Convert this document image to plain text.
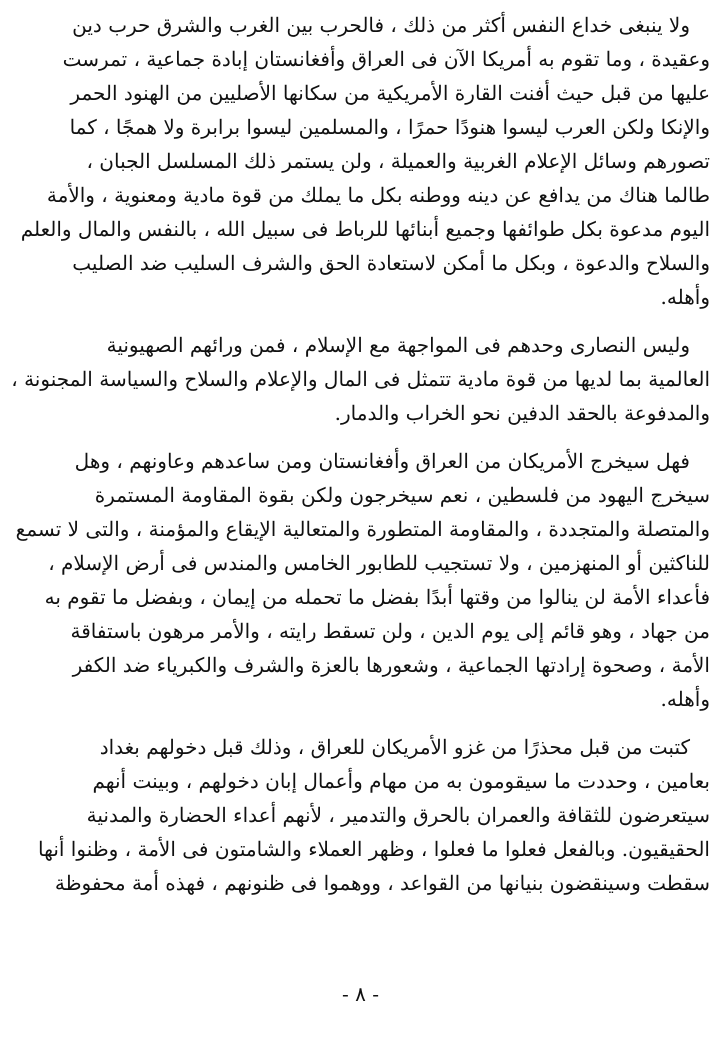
ولا ينبغى خداع النفس أكثر من ذلك ، فالحرب بين الغرب والشرق حرب دين
وعقيدة ، وما تقوم به أمريكا الآن فى العراق وأفغانستان إبادة جماعية ، تمرست
عليها من قبل حيث أفنت القارة الأمريكية من سكانها الأصليين من الهنود الحمر
والإنكا ولكن العرب ليسوا هنودًا حمرًا ، والمسلمين ليسوا برابرة ولا همجًا ، كما
تصورهم وسائل الإعلام الغربية والعميلة ، ولن يستمر ذلك المسلسل الجبان ،
طالما هناك من يدافع عن دينه ووطنه بكل ما يملك من قوة مادية ومعنوية ، والأمة
اليوم مدعوة بكل طوائفها وجميع أبنائها للرباط فى سبيل الله ، بالنفس والمال والعلم
والسلاح والدعوة ، وبكل ما أمكن لاستعادة الحق والشرف السليب ضد الصليب
وأهله.

وليس النصارى وحدهم فى المواجهة مع الإسلام ، فمن ورائهم الصهيونية
العالمية بما لديها من قوة مادية تتمثل فى المال والإعلام والسلاح والسياسة المجنونة ،
والمدفوعة بالحقد الدفين نحو الخراب والدمار.

فهل سيخرج الأمريكان من العراق وأفغانستان ومن ساعدهم وعاونهم ، وهل
سيخرج اليهود من فلسطين ، نعم سيخرجون ولكن بقوة المقاومة المستمرة
والمتصلة والمتجددة ، والمقاومة المتطورة والمتعالية الإيقاع والمؤمنة ، والتى لا تسمع
للناكثين أو المنهزمين ، ولا تستجيب للطابور الخامس والمندس فى أرض الإسلام ،
فأعداء الأمة لن ينالوا من وقتها أبدًا بفضل ما تحمله من إيمان ، وبفضل ما تقوم به
من جهاد ، وهو قائم إلى يوم الدين ، ولن تسقط رايته ، والأمر مرهون باستفاقة
الأمة ، وصحوة إرادتها الجماعية ، وشعورها بالعزة والشرف والكبرياء ضد الكفر
وأهله.

كتبت من قبل محذرًا من غزو الأمريكان للعراق ، وذلك قبل دخولهم بغداد
بعامين ، وحددت ما سيقومون به من مهام وأعمال إبان دخولهم ، وبينت أنهم
سيتعرضون للثقافة والعمران بالحرق والتدمير ، لأنهم أعداء الحضارة والمدنية
الحقيقيون. وبالفعل فعلوا ما فعلوا ، وظهر العملاء والشامتون فى الأمة ، وظنوا أنها
سقطت وسينقضون بنيانها من القواعد ، ووهموا فى ظنونهم ، فهذه أمة محفوظة

- ٨ -
